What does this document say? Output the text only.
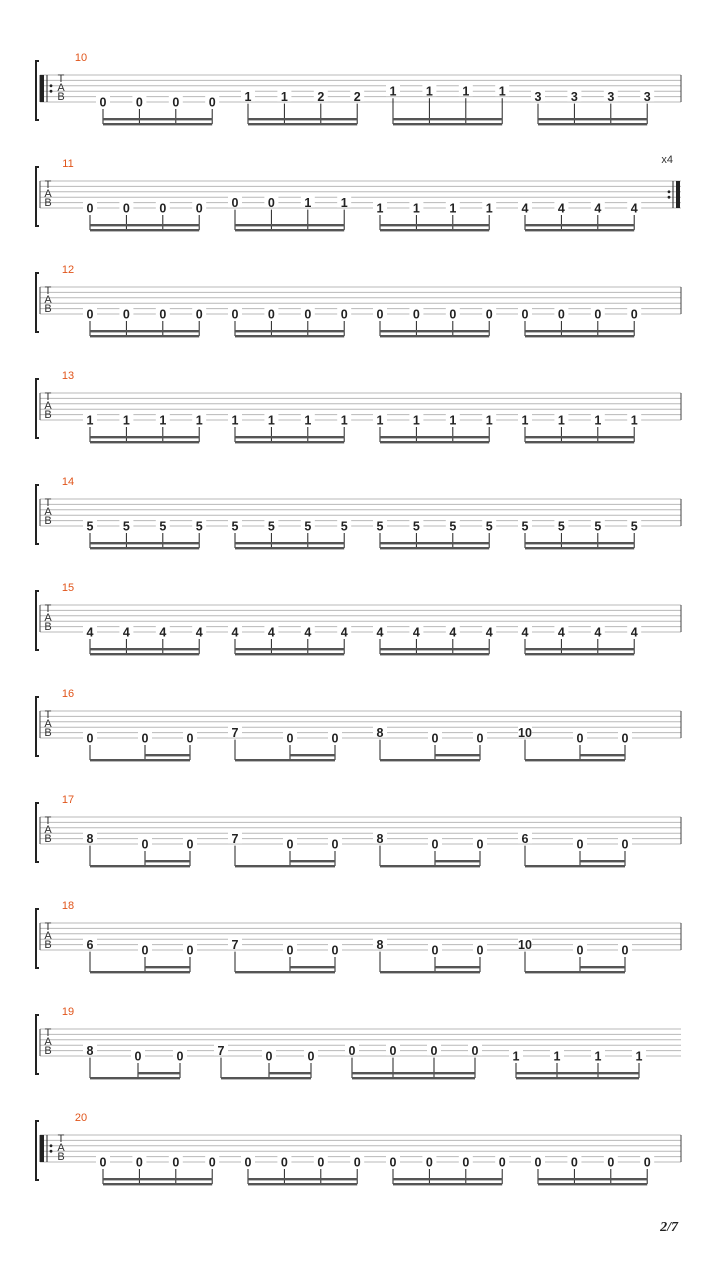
T
A
B
10
0 0 0 0 1 1 2 2 1 1 1 1 3 3 3 3
T
A
B
11	x4
0 0 0 0 0 0 1 1 1 1 1 1 4 4 4 4
T
A
B
12
0 0 0 0 0 0 0 0 0 0 0 0 0 0 0 0
T
A
B
13
1 1 1 1 1 1 1 1 1 1 1 1 1 1 1 1
T
A
B
14
5 5 5 5 5 5 5 5 5 5 5 5 5 5 5 5
T
A
B
15
4 4 4 4 4 4 4 4 4 4 4 4 4 4 4 4
T
A
B
16
0	0	0	7	0	0	8	0	0	10	0	0
T
A
B
17
8	0	0	7	0	0	8	0	0	6	0	0
T
A
B
18
6	0	0	7	0	0	8	0	0	10	0	0
T
A
B
19
8	0	0	7	0	0	0	0	0	0	1	1	1	1
T
A
B
20
0 0 0 0 0 0 0 0 0 0 0 0 0 0 0 0
2/7
